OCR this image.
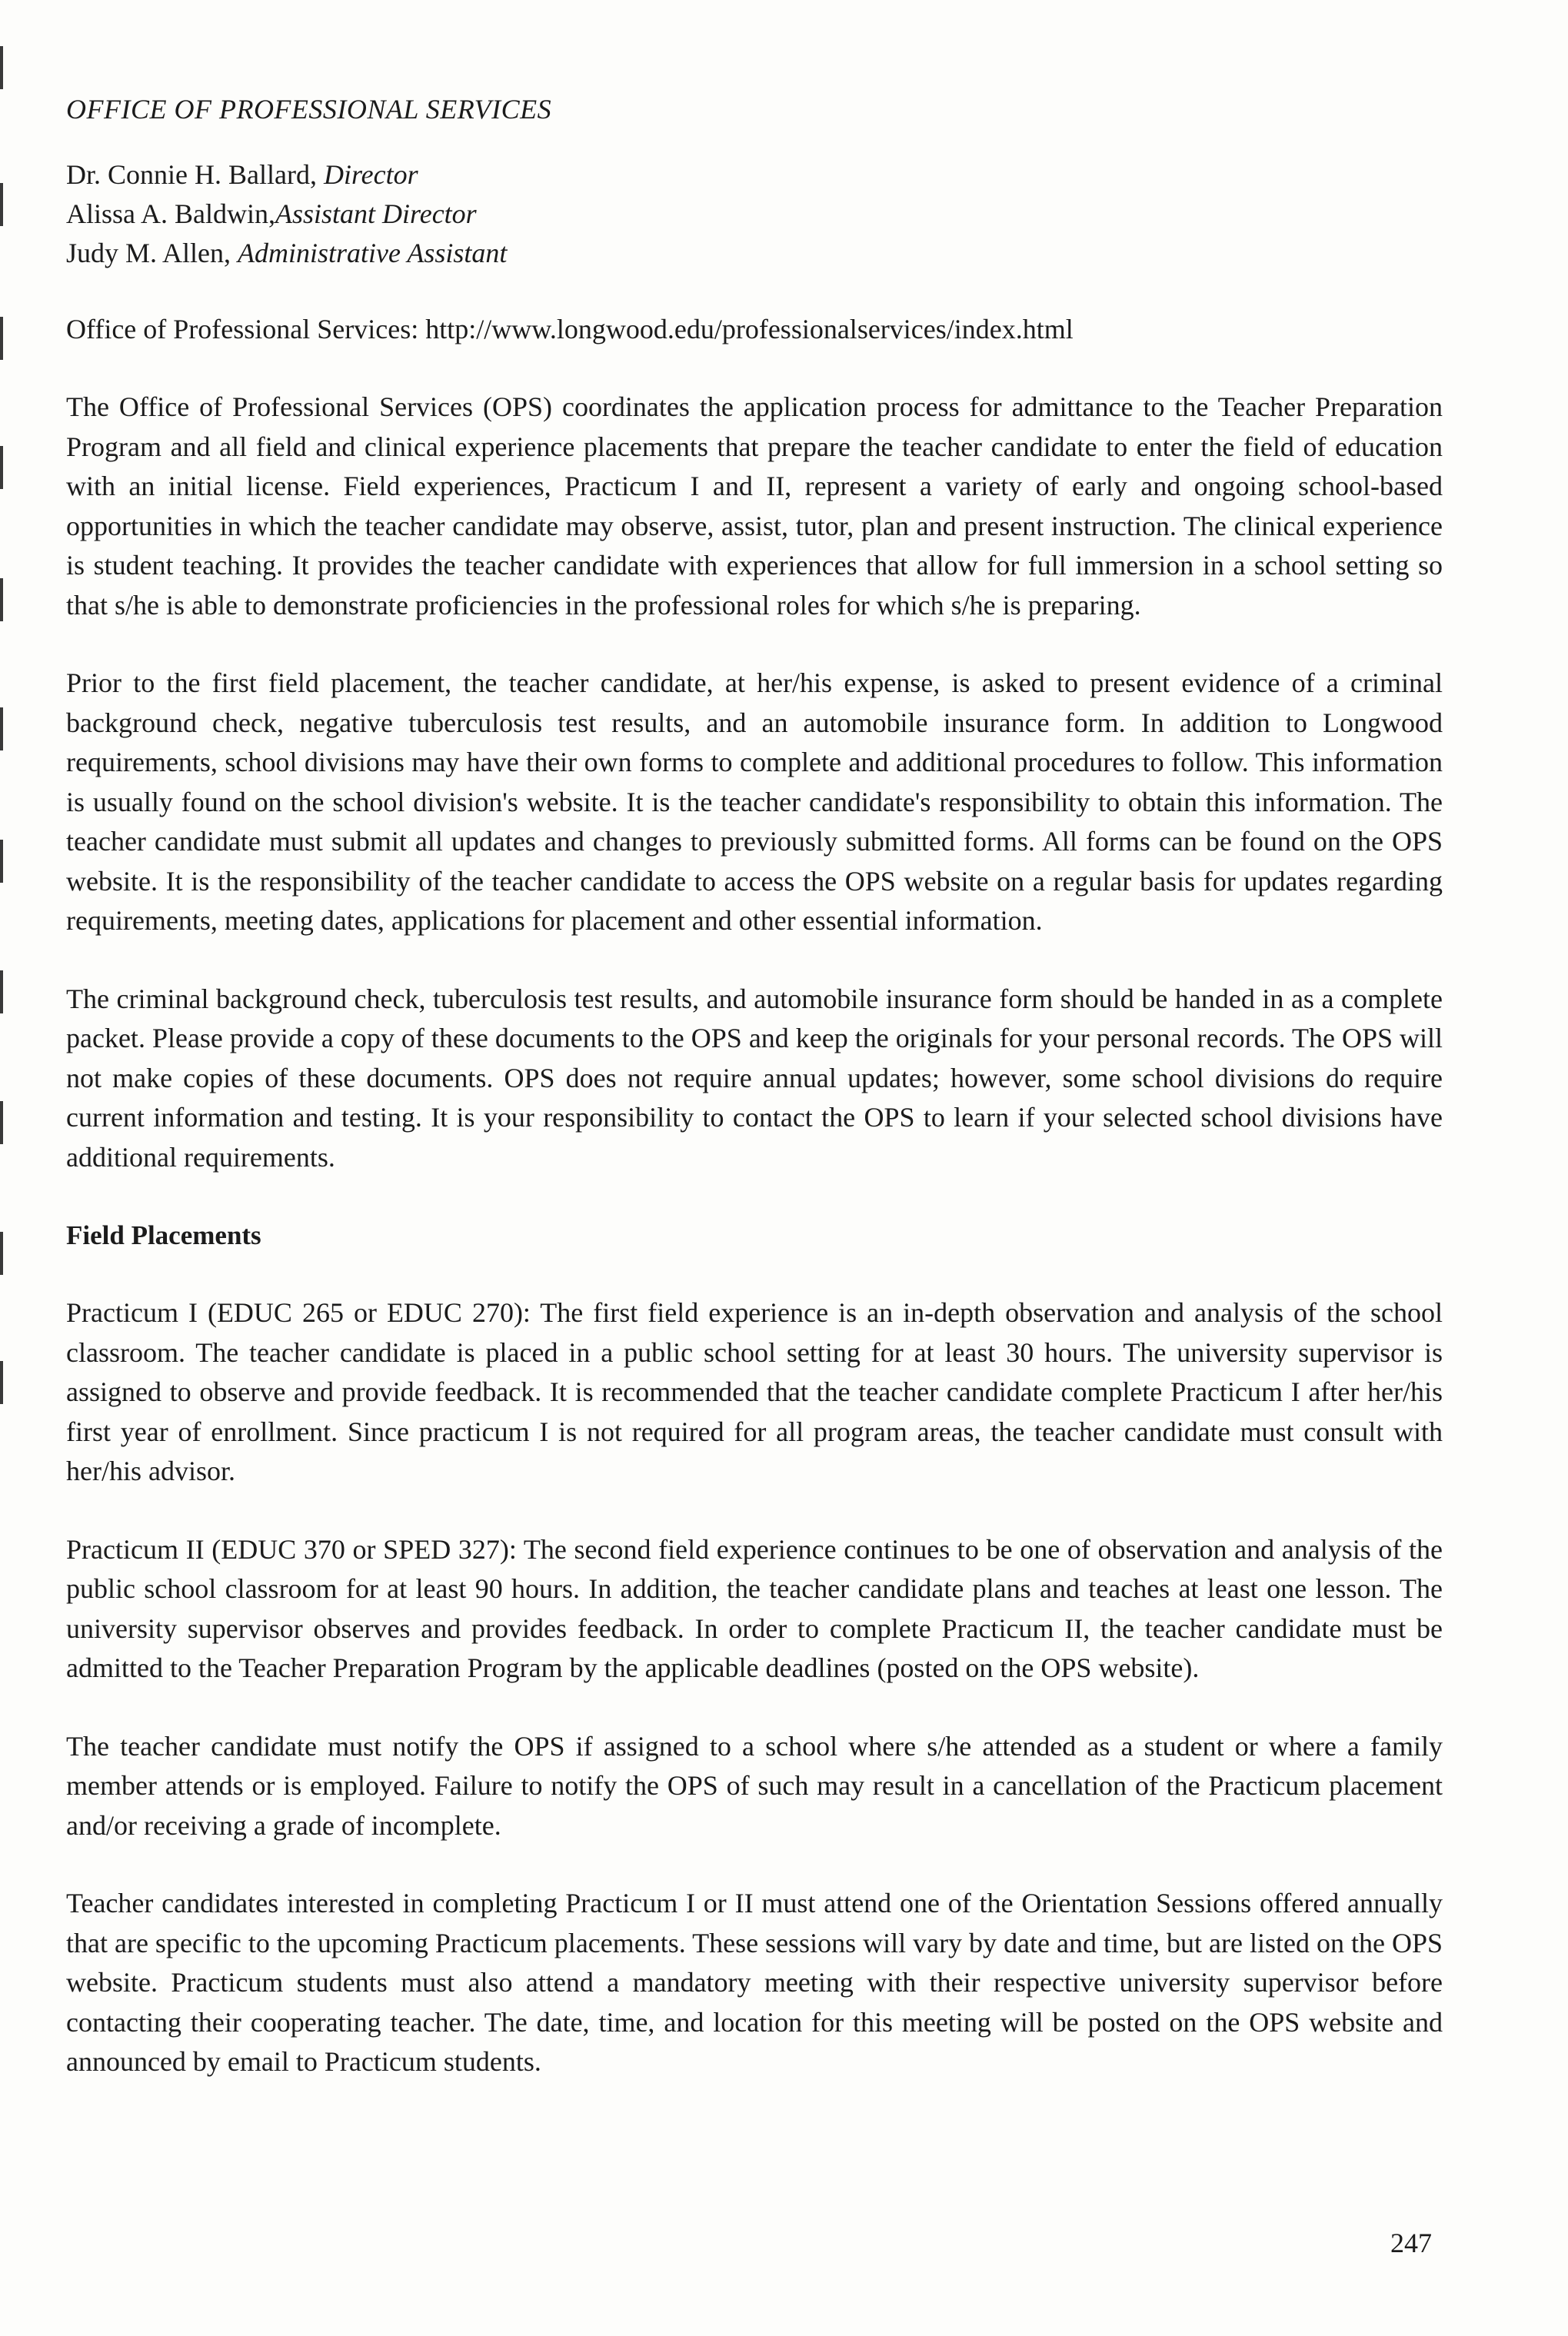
OFFICE OF PROFESSIONAL SERVICES
Dr. Connie H. Ballard, Director
Alissa A. Baldwin,Assistant Director
Judy M. Allen, Administrative Assistant
Office of Professional Services: http://www.longwood.edu/professionalservices/index.html

The Office of Professional Services (OPS) coordinates the application process for admittance to the Teacher Preparation Program and all field and clinical experience placements that prepare the teacher candidate to enter the field of education with an initial license. Field experiences, Practicum I and II, represent a variety of early and ongoing school-based opportunities in which the teacher candidate may observe, assist, tutor, plan and present instruction. The clinical experience is student teaching. It provides the teacher candidate with experiences that allow for full immersion in a school setting so that s/he is able to demonstrate proficiencies in the professional roles for which s/he is preparing.

Prior to the first field placement, the teacher candidate, at her/his expense, is asked to present evidence of a criminal background check, negative tuberculosis test results, and an automobile insurance form. In addition to Longwood requirements, school divisions may have their own forms to complete and additional procedures to follow. This information is usually found on the school division's website. It is the teacher candidate's responsibility to obtain this information. The teacher candidate must submit all updates and changes to previously submitted forms. All forms can be found on the OPS website. It is the responsibility of the teacher candidate to access the OPS website on a regular basis for updates regarding requirements, meeting dates, applications for placement and other essential information.

The criminal background check, tuberculosis test results, and automobile insurance form should be handed in as a complete packet. Please provide a copy of these documents to the OPS and keep the originals for your personal records. The OPS will not make copies of these documents. OPS does not require annual updates; however, some school divisions do require current information and testing. It is your responsibility to contact the OPS to learn if your selected school divisions have additional requirements.

Field Placements

Practicum I (EDUC 265 or EDUC 270): The first field experience is an in-depth observation and analysis of the school classroom. The teacher candidate is placed in a public school setting for at least 30 hours. The university supervisor is assigned to observe and provide feedback. It is recommended that the teacher candidate complete Practicum I after her/his first year of enrollment. Since practicum I is not required for all program areas, the teacher candidate must consult with her/his advisor.

Practicum II (EDUC 370 or SPED 327): The second field experience continues to be one of observation and analysis of the public school classroom for at least 90 hours. In addition, the teacher candidate plans and teaches at least one lesson. The university supervisor observes and provides feedback. In order to complete Practicum II, the teacher candidate must be admitted to the Teacher Preparation Program by the applicable deadlines (posted on the OPS website).

The teacher candidate must notify the OPS if assigned to a school where s/he attended as a student or where a family member attends or is employed. Failure to notify the OPS of such may result in a cancellation of the Practicum placement and/or receiving a grade of incomplete.

Teacher candidates interested in completing Practicum I or II must attend one of the Orientation Sessions offered annually that are specific to the upcoming Practicum placements. These sessions will vary by date and time, but are listed on the OPS website. Practicum students must also attend a mandatory meeting with their respective university supervisor before contacting their cooperating teacher. The date, time, and location for this meeting will be posted on the OPS website and announced by email to Practicum students.

247
